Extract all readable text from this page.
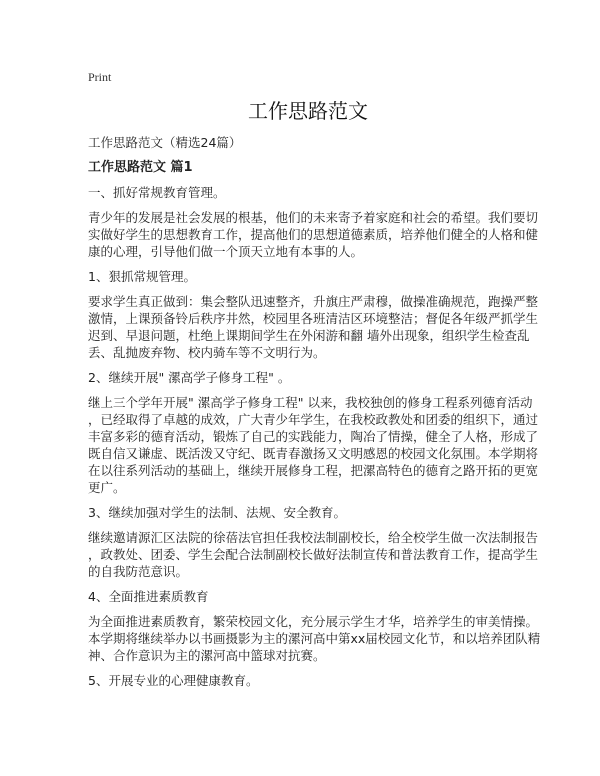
Print
工作思路范文
工作思路范文（精选24篇）
工作思路范文 篇1
一、抓好常规教育管理。
青少年的发展是社会发展的根基，他们的未来寄予着家庭和社会的希望。我们要切
实做好学生的思想教育工作，提高他们的思想道德素质，培养他们健全的人格和健
康的心理，引导他们做一个顶天立地有本事的人。
1、狠抓常规管理。
要求学生真正做到：集会整队迅速整齐，升旗庄严肃穆，做操准确规范，跑操严整
激情，上课预备铃后秩序井然，校园里各班清洁区环境整洁；督促各年级严抓学生
迟到、早退问题，杜绝上课期间学生在外闲游和翻 墙外出现象，组织学生检查乱
丢、乱抛废弃物、校内骑车等不文明行为。
2、继续开展" 漯高学子修身工程" 。
继上三个学年开展" 漯高学子修身工程" 以来，我校独创的修身工程系列德育活动
，已经取得了卓越的成效，广大青少年学生，在我校政教处和团委的组织下，通过
丰富多彩的德育活动，锻炼了自己的实践能力，陶冶了情操，健全了人格，形成了
既自信又谦虚、既活泼又守纪、既青春激扬又文明感恩的校园文化氛围。本学期将
在以往系列活动的基础上，继续开展修身工程，把漯高特色的德育之路开拓的更宽
更广。
3、继续加强对学生的法制、法规、安全教育。
继续邀请源汇区法院的徐蓓法官担任我校法制副校长，给全校学生做一次法制报告
，政教处、团委、学生会配合法制副校长做好法制宣传和普法教育工作，提高学生
的自我防范意识。
4、全面推进素质教育
为全面推进素质教育，繁荣校园文化，充分展示学生才华，培养学生的审美情操。
本学期将继续举办以书画摄影为主的漯河高中第xx届校园文化节，和以培养团队精
神、合作意识为主的漯河高中篮球对抗赛。
5、开展专业的心理健康教育。
